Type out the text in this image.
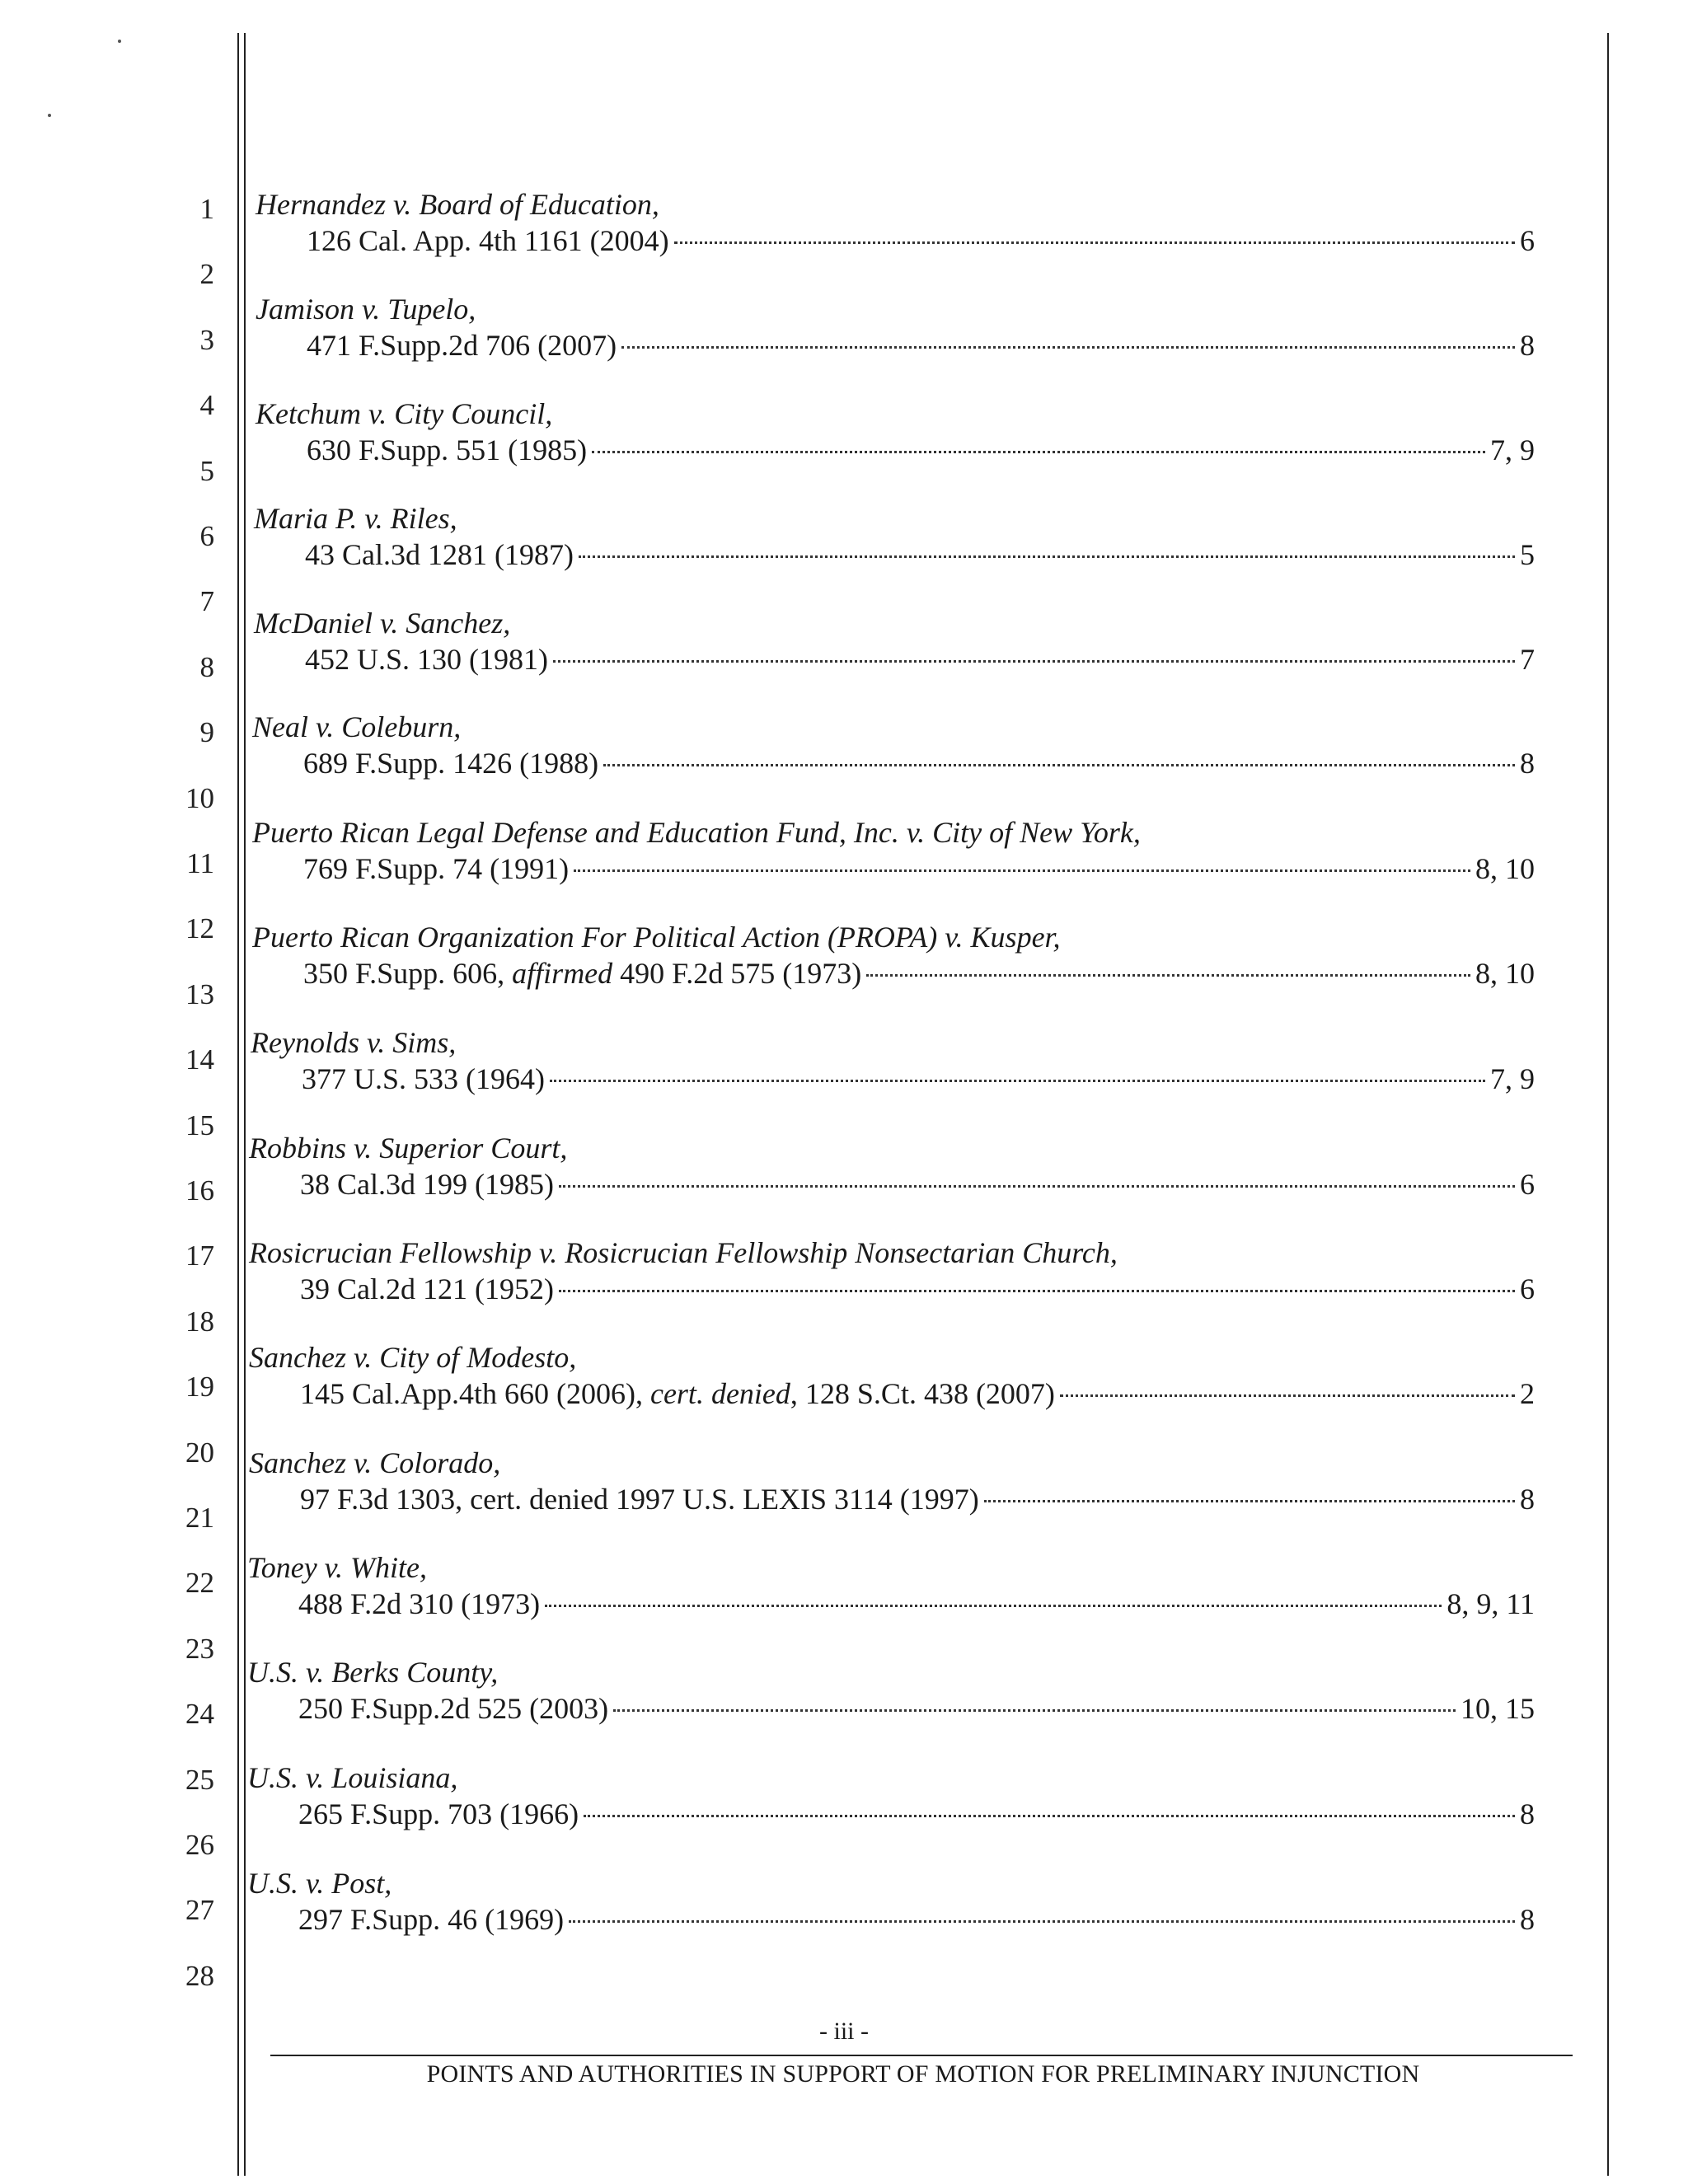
1
2
3
4
5
6
7
8
9
10
11
12
13
14
15
16
17
18
19
20
21
22
23
24
25
26
27
28
Hernandez v. Board of Education,
126 Cal. App. 4th 1161 (2004)	6
Jamison v. Tupelo,
471 F.Supp.2d 706 (2007)	8
Ketchum v. City Council,
630 F.Supp. 551 (1985)	7, 9
Maria P. v. Riles,
43 Cal.3d 1281 (1987)	5
McDaniel v. Sanchez,
452 U.S. 130 (1981)	7
Neal v. Coleburn,
689 F.Supp. 1426 (1988)	8
Puerto Rican Legal Defense and Education Fund, Inc. v. City of New York,
769 F.Supp. 74 (1991)	8, 10
Puerto Rican Organization For Political Action (PROPA) v. Kusper,
350 F.Supp. 606, affirmed 490 F.2d 575 (1973)	8, 10
Reynolds v. Sims,
377 U.S. 533 (1964)	7, 9
Robbins v. Superior Court,
38 Cal.3d 199 (1985)	6
Rosicrucian Fellowship v. Rosicrucian Fellowship Nonsectarian Church,
39 Cal.2d 121 (1952)	6
Sanchez v. City of Modesto,
145 Cal.App.4th 660 (2006), cert. denied, 128 S.Ct. 438 (2007)	2
Sanchez v. Colorado,
97 F.3d 1303, cert. denied 1997 U.S. LEXIS 3114 (1997)	8
Toney v. White,
488 F.2d 310 (1973)	8, 9, 11
U.S. v. Berks County,
250 F.Supp.2d 525 (2003)	10, 15
U.S. v. Louisiana,
265 F.Supp. 703 (1966)	8
U.S. v. Post,
297 F.Supp. 46 (1969)	8
- iii -
POINTS AND AUTHORITIES IN SUPPORT OF MOTION FOR PRELIMINARY INJUNCTION
